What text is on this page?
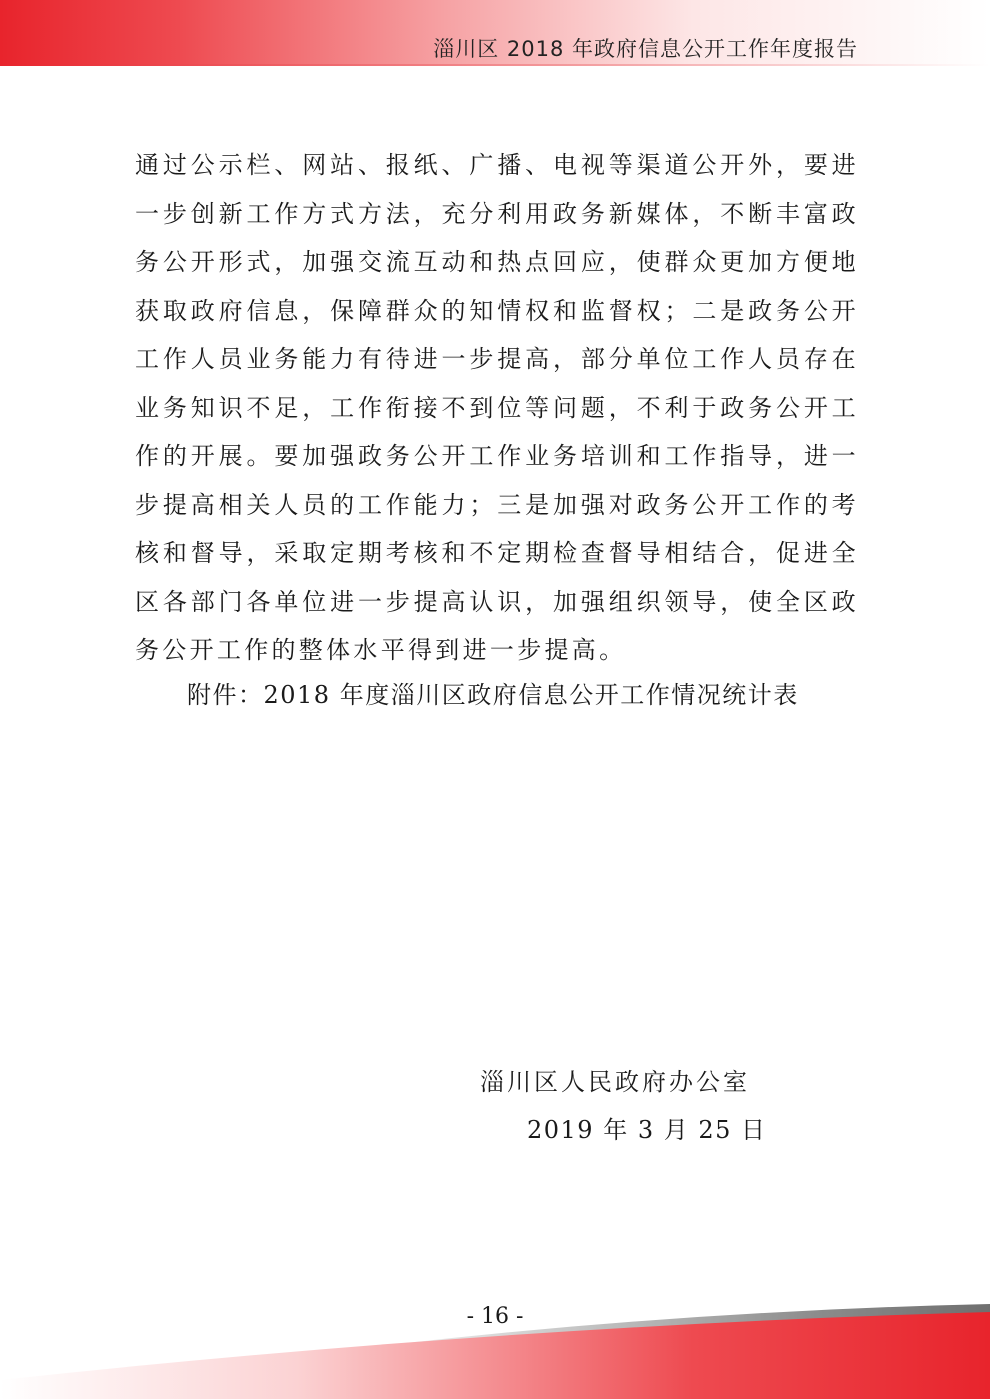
淄川区 2018 年政府信息公开工作年度报告

通过公示栏、网站、报纸、广播、电视等渠道公开外，要进一步创新工作方式方法，充分利用政务新媒体，不断丰富政务公开形式，加强交流互动和热点回应，使群众更加方便地获取政府信息，保障群众的知情权和监督权；二是政务公开工作人员业务能力有待进一步提高，部分单位工作人员存在业务知识不足，工作衔接不到位等问题，不利于政务公开工作的开展。要加强政务公开工作业务培训和工作指导，进一步提高相关人员的工作能力；三是加强对政务公开工作的考核和督导，采取定期考核和不定期检查督导相结合，促进全区各部门各单位进一步提高认识，加强组织领导，使全区政务公开工作的整体水平得到进一步提高。

附件：2018 年度淄川区政府信息公开工作情况统计表

淄川区人民政府办公室

2019 年 3 月 25 日

- 16 -
